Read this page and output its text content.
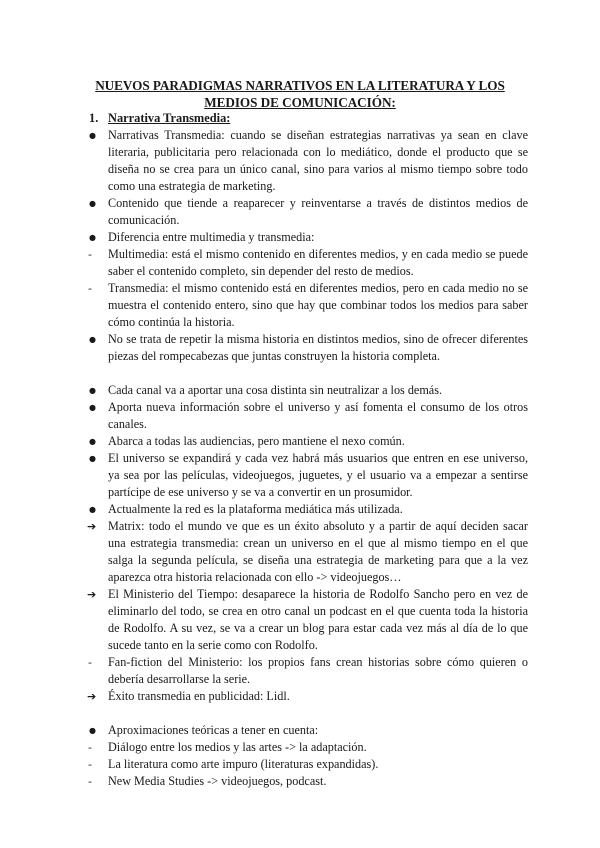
NUEVOS PARADIGMAS NARRATIVOS EN LA LITERATURA Y LOS MEDIOS DE COMUNICACIÓN:
1. Narrativa Transmedia:
● Narrativas Transmedia: cuando se diseñan estrategias narrativas ya sean en clave literaria, publicitaria pero relacionada con lo mediático, donde el producto que se diseña no se crea para un único canal, sino para varios al mismo tiempo sobre todo como una estrategia de marketing.
● Contenido que tiende a reaparecer y reinventarse a través de distintos medios de comunicación.
● Diferencia entre multimedia y transmedia:
-	Multimedia: está el mismo contenido en diferentes medios, y en cada medio se puede saber el contenido completo, sin depender del resto de medios.
-	Transmedia: el mismo contenido está en diferentes medios, pero en cada medio no se muestra el contenido entero, sino que hay que combinar todos los medios para saber cómo continúa la historia.
● No se trata de repetir la misma historia en distintos medios, sino de ofrecer diferentes piezas del rompecabezas que juntas construyen la historia completa.
● Cada canal va a aportar una cosa distinta sin neutralizar a los demás.
● Aporta nueva información sobre el universo y así fomenta el consumo de los otros canales.
● Abarca a todas las audiencias, pero mantiene el nexo común.
● El universo se expandirá y cada vez habrá más usuarios que entren en ese universo, ya sea por las películas, videojuegos, juguetes, y el usuario va a empezar a sentirse partícipe de ese universo y se va a convertir en un prosumidor.
● Actualmente la red es la plataforma mediática más utilizada.
➔ Matrix: todo el mundo ve que es un éxito absoluto y a partir de aquí deciden sacar una estrategia transmedia: crean un universo en el que al mismo tiempo en el que salga la segunda película, se diseña una estrategia de marketing para que a la vez aparezca otra historia relacionada con ello -> videojuegos…
➔ El Ministerio del Tiempo: desaparece la historia de Rodolfo Sancho pero en vez de eliminarlo del todo, se crea en otro canal un podcast en el que cuenta toda la historia de Rodolfo. A su vez, se va a crear un blog para estar cada vez más al día de lo que sucede tanto en la serie como con Rodolfo.
-	Fan-fiction del Ministerio: los propios fans crean historias sobre cómo quieren o debería desarrollarse la serie.
➔ Éxito transmedia en publicidad: Lidl.
● Aproximaciones teóricas a tener en cuenta:
-	Diálogo entre los medios y las artes -> la adaptación.
-	La literatura como arte impuro (literaturas expandidas).
-	New Media Studies -> videojuegos, podcast.
